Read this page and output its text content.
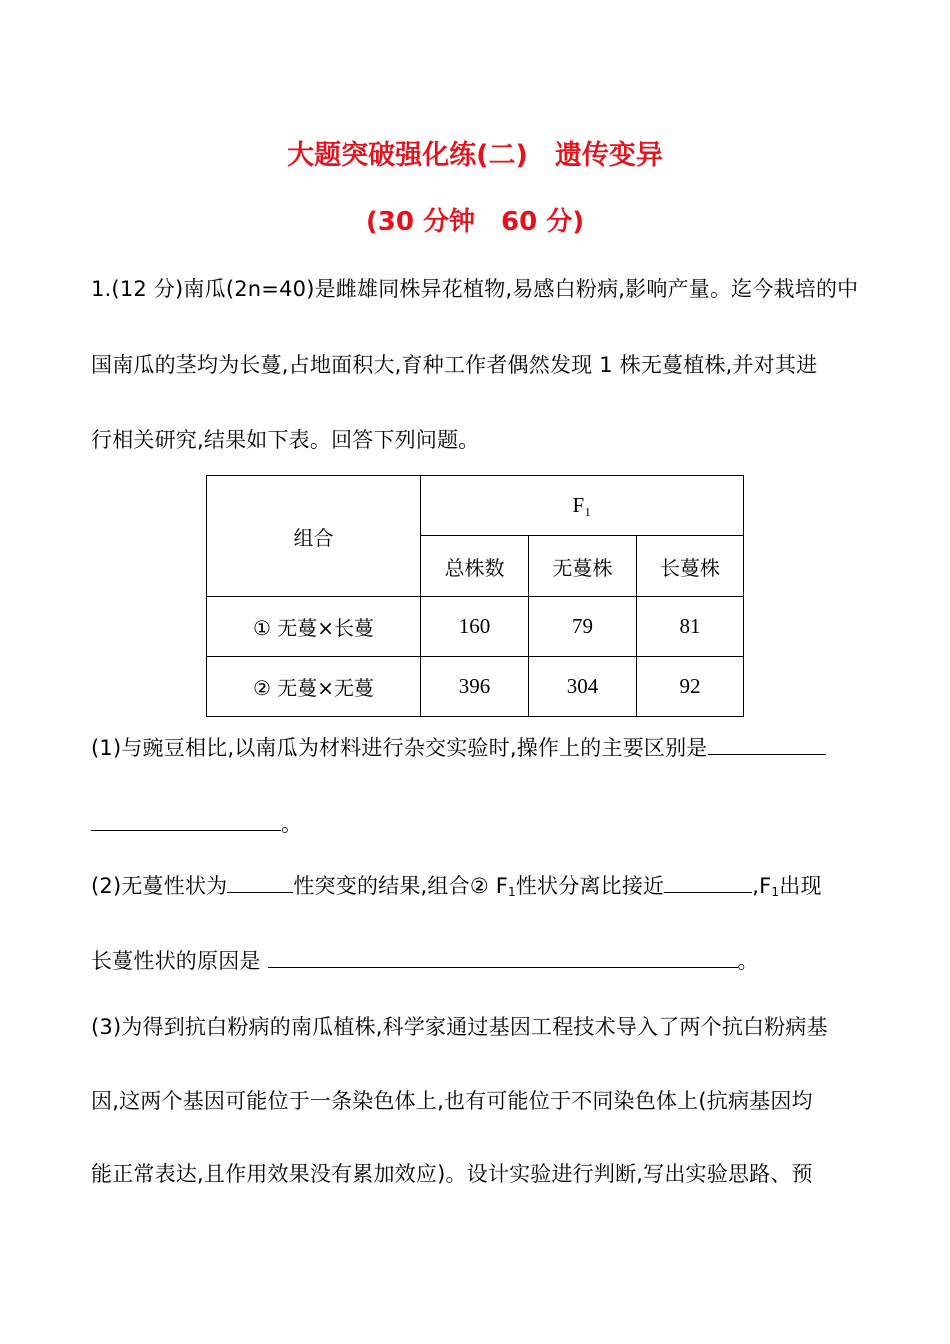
大题突破强化练(二)　遗传变异
(30 分钟　60 分)
1.(12 分)南瓜(2n=40)是雌雄同株异花植物,易感白粉病,影响产量。迄今栽培的中
国南瓜的茎均为长蔓,占地面积大,育种工作者偶然发现 1 株无蔓植株,并对其进
行相关研究,结果如下表。回答下列问题。
组合	F₁		
	总株数	无蔓株	长蔓株
① 无蔓×长蔓	160	79	81
② 无蔓×无蔓	396	304	92
(1)与豌豆相比,以南瓜为材料进行杂交实验时,操作上的主要区别是
。
(2)无蔓性状为	性突变的结果,组合② $F_1$性状分离比接近	$,F_1$出现
长蔓性状的原因是	。
(3)为得到抗白粉病的南瓜植株,科学家通过基因工程技术导入了两个抗白粉病基
因,这两个基因可能位于一条染色体上,也有可能位于不同染色体上(抗病基因均
能正常表达,且作用效果没有累加效应)。设计实验进行判断,写出实验思路、预
